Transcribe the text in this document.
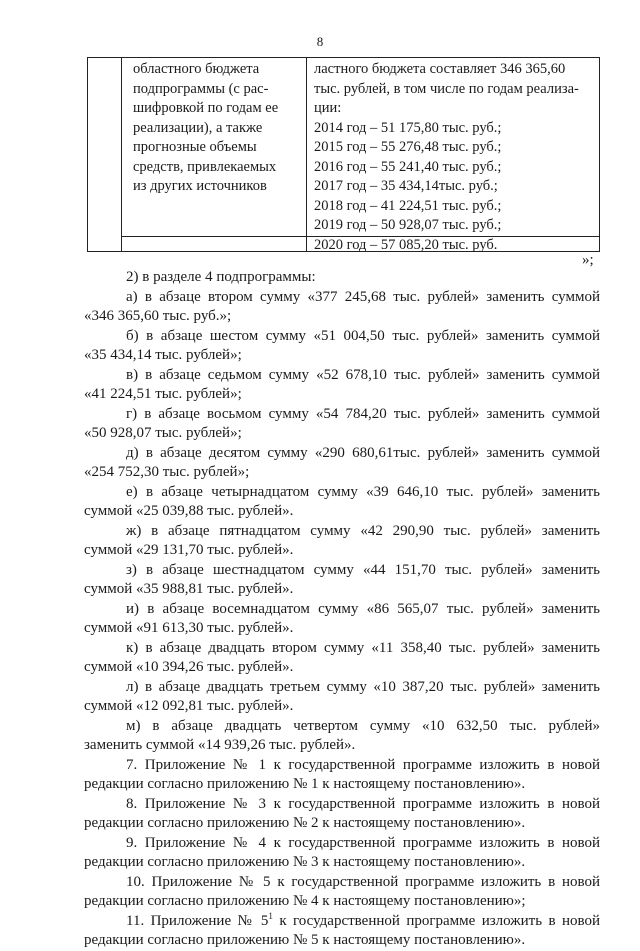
8
областного бюджета
подпрограммы (с рас-
шифровкой по годам ее
реализации), а также
прогнозные объемы
средств, привлекаемых
из других источников
ластного бюджета составляет 346 365,60
тыс. рублей, в том числе по годам реализа-
ции:
2014 год – 51 175,80 тыс. руб.;
2015 год – 55 276,48 тыс. руб.;
2016 год – 55 241,40 тыс. руб.;
2017 год – 35 434,14тыс. руб.;
2018 год – 41 224,51 тыс. руб.;
2019 год – 50 928,07 тыс. руб.;
2020 год – 57 085,20 тыс. руб.
»;
2) в разделе 4 подпрограммы:
а) в абзаце втором сумму «377 245,68 тыс. рублей» заменить суммой
«346 365,60 тыс. руб.»;
б) в абзаце шестом сумму «51 004,50 тыс. рублей» заменить суммой
«35 434,14 тыс. рублей»;
в) в абзаце седьмом сумму «52 678,10 тыс. рублей» заменить суммой
«41 224,51 тыс. рублей»;
г) в абзаце восьмом сумму «54 784,20 тыс. рублей» заменить суммой
«50 928,07 тыс. рублей»;
д) в абзаце десятом сумму «290 680,61тыс. рублей» заменить суммой
«254 752,30 тыс. рублей»;
е) в абзаце четырнадцатом сумму «39 646,10 тыс. рублей» заменить
суммой «25 039,88 тыс. рублей».
ж) в абзаце пятнадцатом сумму «42 290,90 тыс. рублей» заменить
суммой «29 131,70 тыс. рублей».
з) в абзаце шестнадцатом сумму «44 151,70 тыс. рублей» заменить
суммой «35 988,81 тыс. рублей».
и) в абзаце восемнадцатом сумму «86 565,07 тыс. рублей» заменить
суммой «91 613,30 тыс. рублей».
к) в абзаце двадцать втором сумму «11 358,40 тыс. рублей» заменить
суммой «10 394,26 тыс. рублей».
л) в абзаце двадцать третьем сумму «10 387,20 тыс. рублей» заменить
суммой «12 092,81 тыс. рублей».
м) в абзаце двадцать четвертом сумму «10 632,50 тыс. рублей»
заменить суммой «14 939,26 тыс. рублей».
7. Приложение № 1 к государственной программе изложить в новой
редакции согласно приложению № 1 к настоящему постановлению».
8. Приложение № 3 к государственной программе изложить в новой
редакции согласно приложению № 2 к настоящему постановлению».
9. Приложение № 4 к государственной программе изложить в новой
редакции согласно приложению № 3 к настоящему постановлению».
10. Приложение № 5 к государственной программе изложить в новой
редакции согласно приложению № 4 к настоящему постановлению»;
11. Приложение № $5^1$ к государственной программе изложить в новой
редакции согласно приложению № 5 к настоящему постановлению».
